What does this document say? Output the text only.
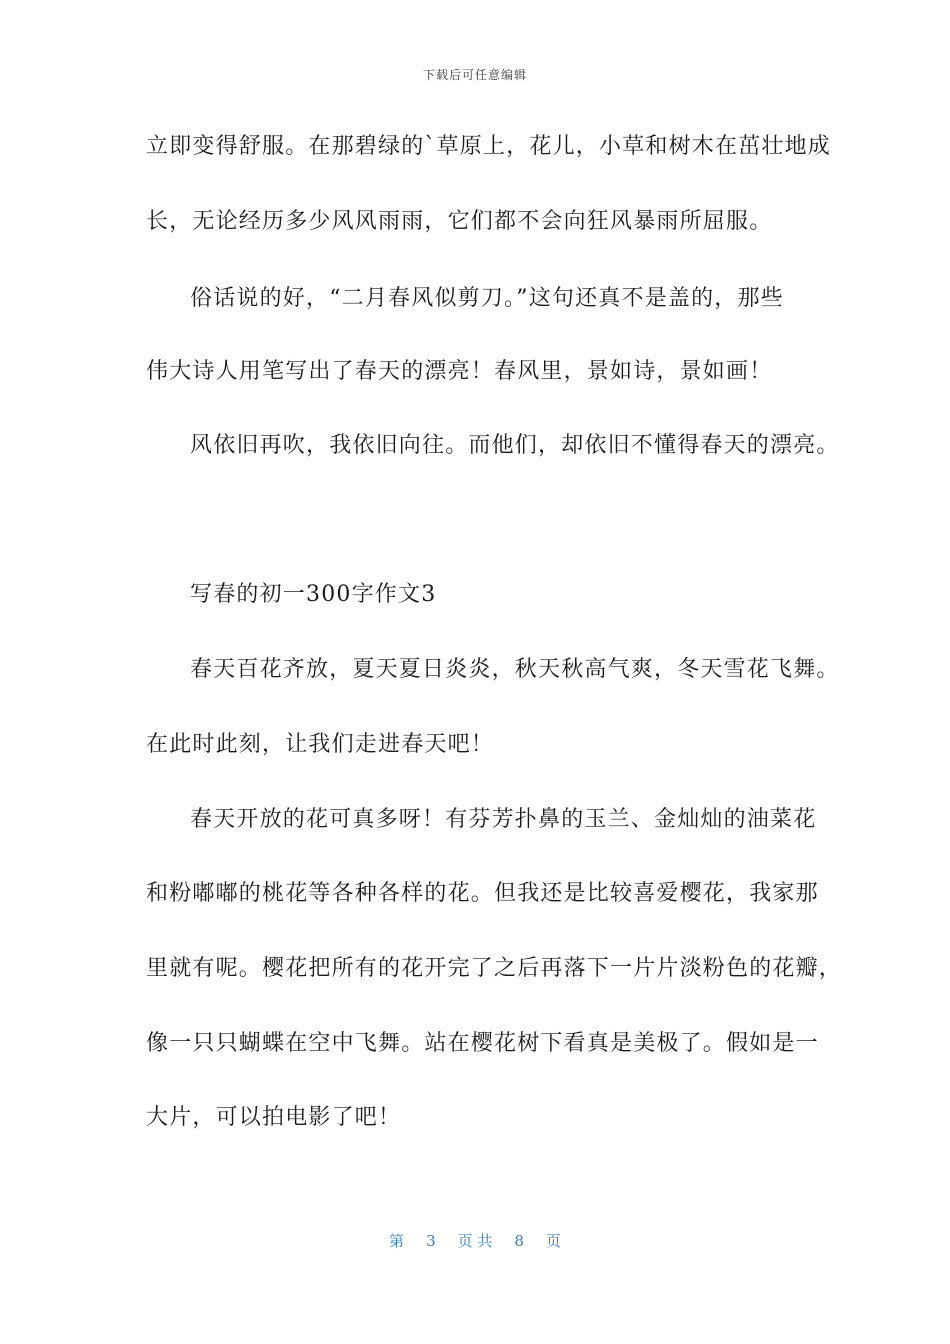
下载后可任意编辑
立即变得舒服。在那碧绿的`草原上，花儿，小草和树木在茁壮地成
长，无论经历多少风风雨雨，它们都不会向狂风暴雨所屈服。
俗话说的好，“二月春风似剪刀。”这句还真不是盖的，那些
伟大诗人用笔写出了春天的漂亮！春风里，景如诗，景如画！
风依旧再吹，我依旧向往。而他们，却依旧不懂得春天的漂亮。
写春的初一300字作文3
春天百花齐放，夏天夏日炎炎，秋天秋高气爽，冬天雪花飞舞。
在此时此刻，让我们走进春天吧！
春天开放的花可真多呀！有芬芳扑鼻的玉兰、金灿灿的油菜花
和粉嘟嘟的桃花等各种各样的花。但我还是比较喜爱樱花，我家那
里就有呢。樱花把所有的花开完了之后再落下一片片淡粉色的花瓣，
像一只只蝴蝶在空中飞舞。站在樱花树下看真是美极了。假如是一
大片，可以拍电影了吧！
第 3 页 共 8 页
